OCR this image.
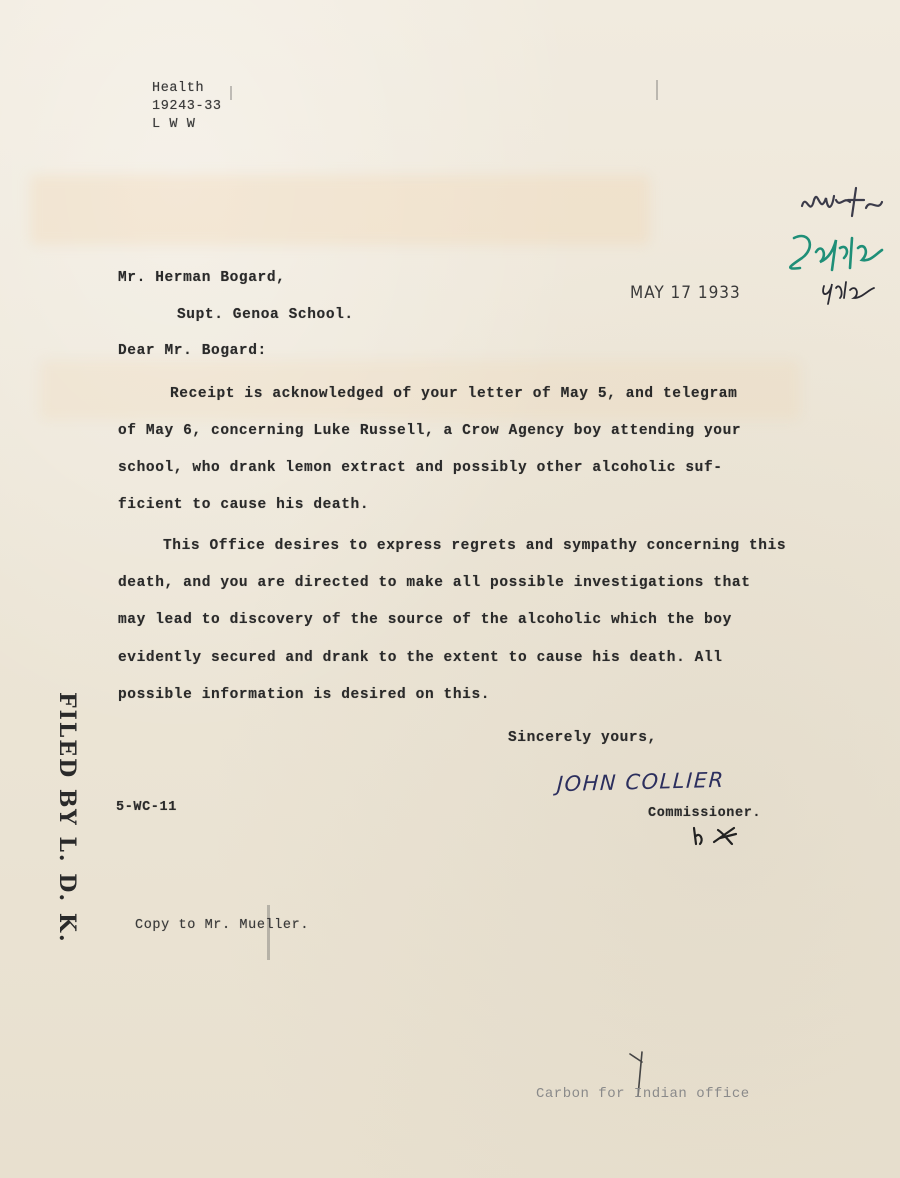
Health
19243-33
L W W
Mr. Herman Bogard,
MAY 17 1933
Supt. Genoa School.
Dear Mr. Bogard:
Receipt is acknowledged of your letter of May 5, and telegram
of May 6, concerning Luke Russell, a Crow Agency boy attending your
school, who drank lemon extract and possibly other alcoholic suf-
ficient to cause his death.
This Office desires to express regrets and sympathy concerning this
death, and you are directed to make all possible investigations that
may lead to discovery of the source of the alcoholic which the boy
evidently secured and drank to the extent to cause his death. All
possible information is desired on this.
Sincerely yours,
JOHN COLLIER
Commissioner.
5-WC-11
FILED BY L. D. K.	Copy to Mr. Mueller.
Carbon for Indian office
